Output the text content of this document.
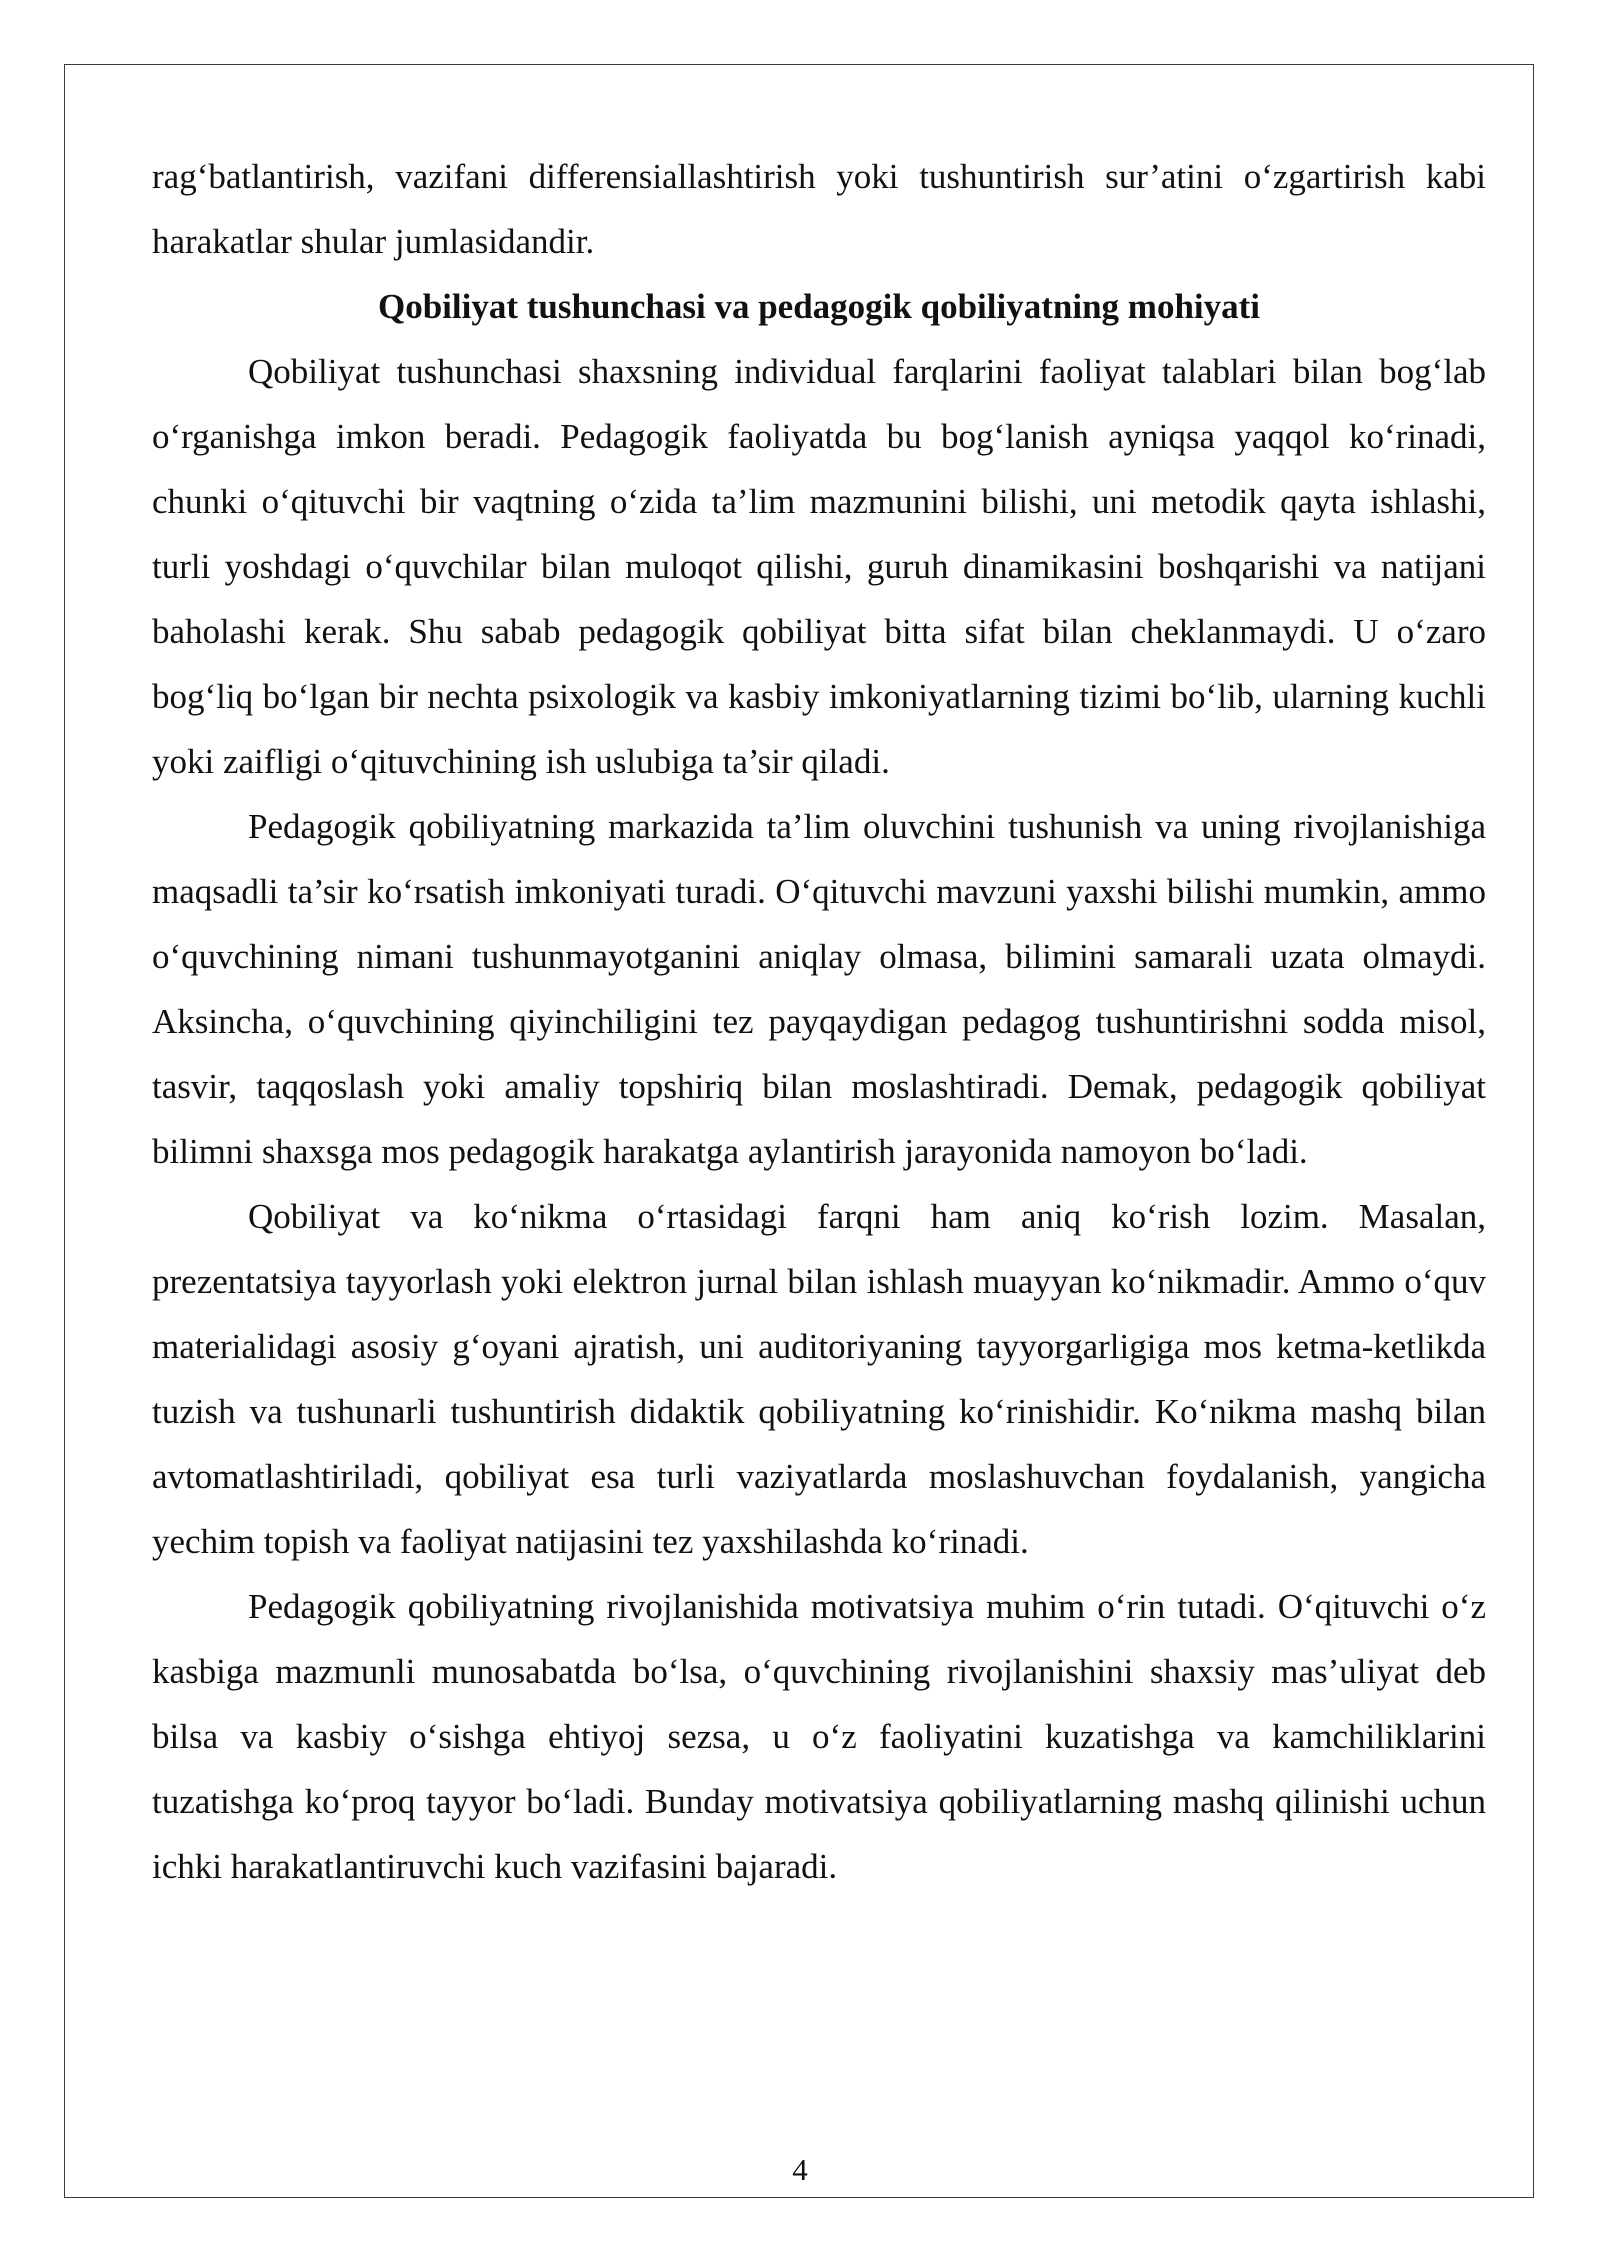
rag‘batlantirish, vazifani differensiallashtirish yoki tushuntirish sur’atini o‘zgartirish kabi harakatlar shular jumlasidandir.

Qobiliyat tushunchasi va pedagogik qobiliyatning mohiyati

Qobiliyat tushunchasi shaxsning individual farqlarini faoliyat talablari bilan bog‘lab o‘rganishga imkon beradi. Pedagogik faoliyatda bu bog‘lanish ayniqsa yaqqol ko‘rinadi, chunki o‘qituvchi bir vaqtning o‘zida ta’lim mazmunini bilishi, uni metodik qayta ishlashi, turli yoshdagi o‘quvchilar bilan muloqot qilishi, guruh dinamikasini boshqarishi va natijani baholashi kerak. Shu sabab pedagogik qobiliyat bitta sifat bilan cheklanmaydi. U o‘zaro bog‘liq bo‘lgan bir nechta psixologik va kasbiy imkoniyatlarning tizimi bo‘lib, ularning kuchli yoki zaifligi o‘qituvchining ish uslubiga ta’sir qiladi.

Pedagogik qobiliyatning markazida ta’lim oluvchini tushunish va uning rivojlanishiga maqsadli ta’sir ko‘rsatish imkoniyati turadi. O‘qituvchi mavzuni yaxshi bilishi mumkin, ammo o‘quvchining nimani tushunmayotganini aniqlay olmasa, bilimini samarali uzata olmaydi. Aksincha, o‘quvchining qiyinchiligini tez payqaydigan pedagog tushuntirishni sodda misol, tasvir, taqqoslash yoki amaliy topshiriq bilan moslashtiradi. Demak, pedagogik qobiliyat bilimni shaxsga mos pedagogik harakatga aylantirish jarayonida namoyon bo‘ladi.

Qobiliyat va ko‘nikma o‘rtasidagi farqni ham aniq ko‘rish lozim. Masalan, prezentatsiya tayyorlash yoki elektron jurnal bilan ishlash muayyan ko‘nikmadir. Ammo o‘quv materialidagi asosiy g‘oyani ajratish, uni auditoriyaning tayyorgarligiga mos ketma-ketlikda tuzish va tushunarli tushuntirish didaktik qobiliyatning ko‘rinishidir. Ko‘nikma mashq bilan avtomatlashtiriladi, qobiliyat esa turli vaziyatlarda moslashuvchan foydalanish, yangicha yechim topish va faoliyat natijasini tez yaxshilashda ko‘rinadi.

Pedagogik qobiliyatning rivojlanishida motivatsiya muhim o‘rin tutadi. O‘qituvchi o‘z kasbiga mazmunli munosabatda bo‘lsa, o‘quvchining rivojlanishini shaxsiy mas’uliyat deb bilsa va kasbiy o‘sishga ehtiyoj sezsa, u o‘z faoliyatini kuzatishga va kamchiliklarini tuzatishga ko‘proq tayyor bo‘ladi. Bunday motivatsiya qobiliyatlarning mashq qilinishi uchun ichki harakatlantiruvchi kuch vazifasini bajaradi.

4
